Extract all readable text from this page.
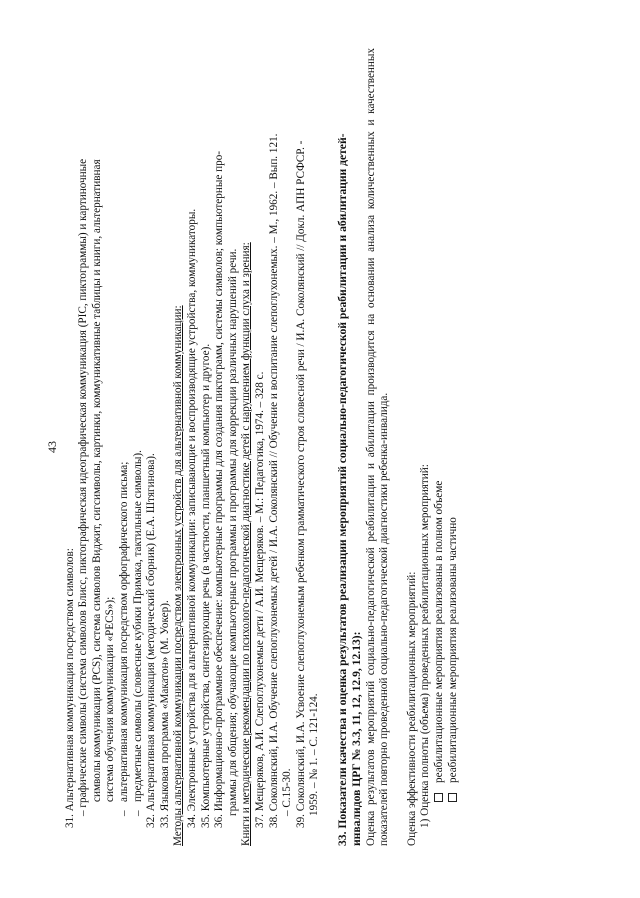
43
31. Альтернативная коммуникация посредством символов: – графические символы (система символов Блисс, пиктографическая идеографическая коммуникация (PIC, пиктограммы) и картиночные символы коммуникации (PCS), система символов Виджит, сигсимволы, картинки, коммуникативные таблицы и книги, альтернативная система обучения коммуникации «PECS»);
–альтернативная коммуникация посредством орфографического письма;
–предметные символы (словесные кубики Примака, тактильные символы). 32. Альтернативная коммуникация (методический сборник) (Е.А. Штягинова). 33. Языковая программа «Макатон» (М. Уокер). Методы альтернативной коммуникации посредством электронных устройств для альтернативной коммуникации: 34. Электронные устройства для альтернативной коммуникации: записывающие и воспроизводящие устройства, коммуникаторы. 35. Компьютерные устройства, синтезирующие речь (в частности, планшетный компьютер и другое). 36. Информационно-программное обеспечение: компьютерные программы для создания пиктограмм, системы символов; компьютерные про- граммы для общения; обучающие компьютерные программы и программы для коррекции различных нарушений речи. Книги и методические рекомендации по психолого-педагогической диагностике детей с нарушением функции слуха и зрения: 37. Мещеряков, А.И. Слепоглухонемые дети / А.И. Мещеряков. – М.: Педагогика, 1974. – 328 с. 38. Соколянский, И.А. Обучение слепоглухонемых детей / И.А. Соколянский // Обучение и воспитание слепоглухонемых. – М., 1962. – Вып. 121. – С.15-30. 39. Соколянский, И.А. Усвоение слепоглухонемым ребенком грамматического строя словесной речи / И.А. Соколянский // Докл. АПН РСФСР. - 1959. – № 1. – С. 121-124. 33. Показатели качества и оценка результатов реализации мероприятий социально-педагогической реабилитации и абилитации детей- инвалидов ЦРГ № 3.3, 11, 12, 12.9, 12.13): Оценка результатов мероприятий социально-педагогической реабилитации и абилитации производится на основании анализа количественных и качественных показателей повторно проведенной социально-педагогической диагностики ребенка-инвалида. Оценка эффективности реабилитационных мероприятий: 1) Оценка полноты (объема) проведенных реабилитационных мероприятий: реабилитационные мероприятия реализованы в полном объеме реабилитационные мероприятия реализованы частично
